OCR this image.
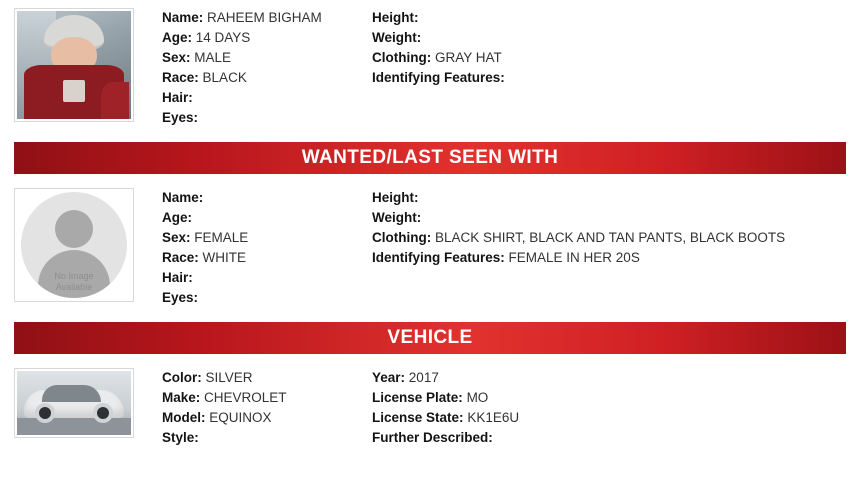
Name: RAHEEM BIGHAM
Age: 14 DAYS
Sex: MALE
Race: BLACK
Hair:
Eyes:
Height:
Weight:
Clothing: GRAY HAT
Identifying Features:
WANTED/LAST SEEN WITH
No Image
Available
Name:
Age:
Sex: FEMALE
Race: WHITE
Hair:
Eyes:
Height:
Weight:
Clothing: BLACK SHIRT, BLACK AND TAN PANTS, BLACK BOOTS
Identifying Features: FEMALE IN HER 20S
VEHICLE
Color: SILVER
Make: CHEVROLET
Model: EQUINOX
Style:
Year: 2017
License Plate: MO
License State: KK1E6U
Further Described:
